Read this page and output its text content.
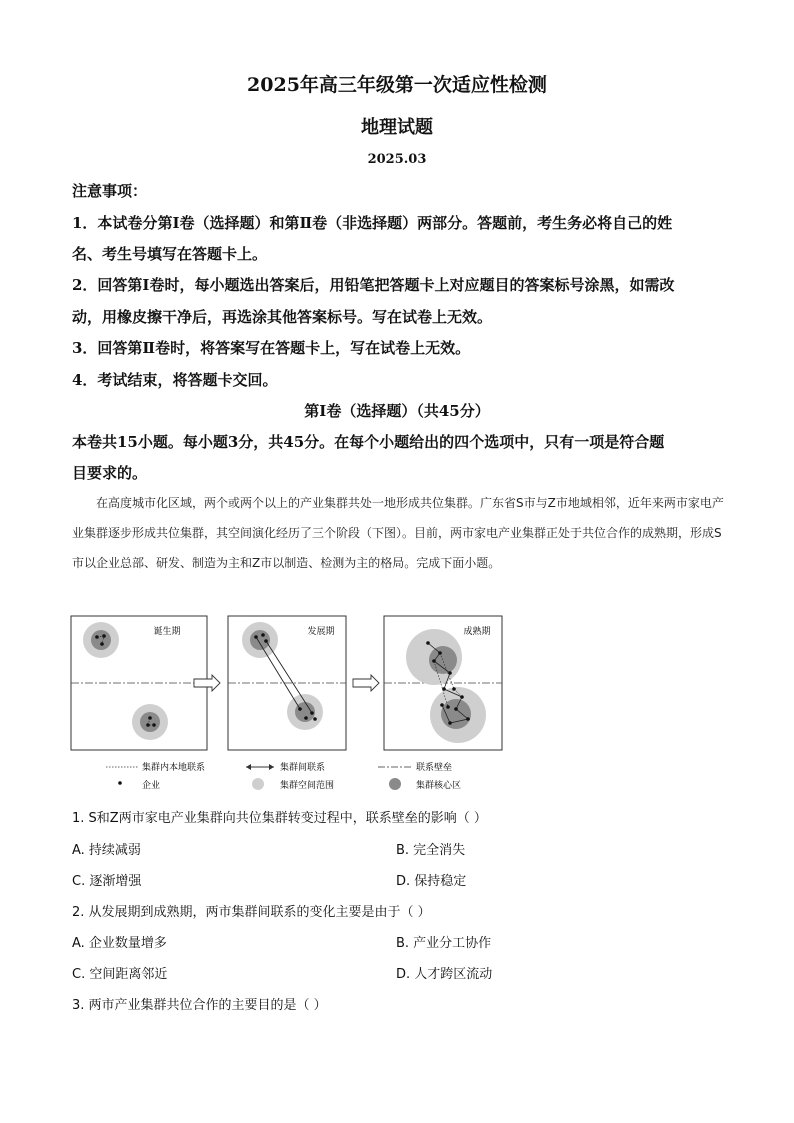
2025年高三年级第一次适应性检测
地理试题
2025.03
注意事项：
1．本试卷分第Ⅰ卷（选择题）和第Ⅱ卷（非选择题）两部分。答题前，考生务必将自己的姓
名、考生号填写在答题卡上。
2．回答第Ⅰ卷时，每小题选出答案后，用铅笔把答题卡上对应题目的答案标号涂黑，如需改
动，用橡皮擦干净后，再选涂其他答案标号。写在试卷上无效。
3．回答第Ⅱ卷时，将答案写在答题卡上，写在试卷上无效。
4．考试结束，将答题卡交回。
第Ⅰ卷（选择题）（共45分）
本卷共15小题。每小题3分，共45分。在每个小题给出的四个选项中，只有一项是符合题
目要求的。
在高度城市化区域，两个或两个以上的产业集群共处一地形成共位集群。广东省S市与Z市地域相邻，近年来两市家电产业集群逐步形成共位集群，其空间演化经历了三个阶段（下图）。目前，两市家电产业集群正处于共位合作的成熟期，形成S市以企业总部、研发、制造为主和Z市以制造、检测为主的格局。完成下面小题。
诞生期	发展期	成熟期
集群内本地联系	集群间联系	联系壁垒
企业	集群空间范围	集群核心区
1. S和Z两市家电产业集群向共位集群转变过程中，联系壁垒的影响（ ）
A. 持续减弱	B. 完全消失
C. 逐渐增强	D. 保持稳定
2. 从发展期到成熟期，两市集群间联系的变化主要是由于（ ）
A. 企业数量增多	B. 产业分工协作
C. 空间距离邻近	D. 人才跨区流动
3. 两市产业集群共位合作的主要目的是（ ）
